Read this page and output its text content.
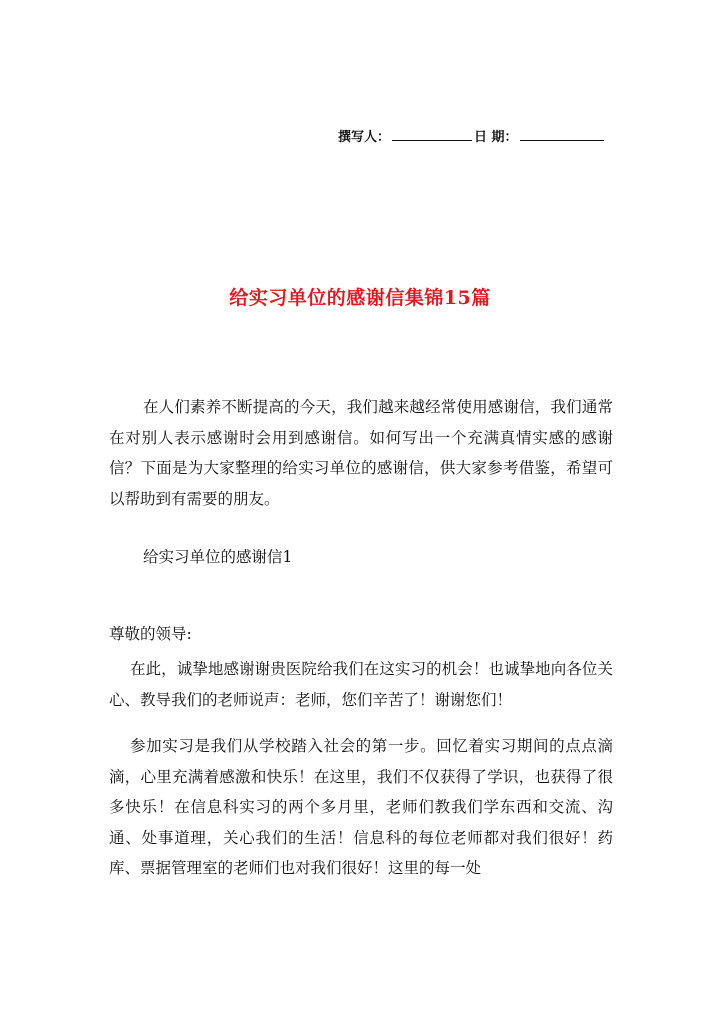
撰写人：	日 期：
给实习单位的感谢信集锦15篇
在人们素养不断提高的今天，我们越来越经常使用感谢信，我们通常在对别人表示感谢时会用到感谢信。如何写出一个充满真情实感的感谢信？下面是为大家整理的给实习单位的感谢信，供大家参考借鉴，希望可以帮助到有需要的朋友。
给实习单位的感谢信1
尊敬的领导:
在此，诚挚地感谢谢贵医院给我们在这实习的机会！也诚挚地向各位关心、教导我们的老师说声：老师，您们辛苦了！谢谢您们！
参加实习是我们从学校踏入社会的第一步。回忆着实习期间的点点滴滴，心里充满着感激和快乐！在这里，我们不仅获得了学识，也获得了很多快乐！在信息科实习的两个多月里，老师们教我们学东西和交流、沟通、处事道理，关心我们的生活！信息科的每位老师都对我们很好！药库、票据管理室的老师们也对我们很好！这里的每一处
